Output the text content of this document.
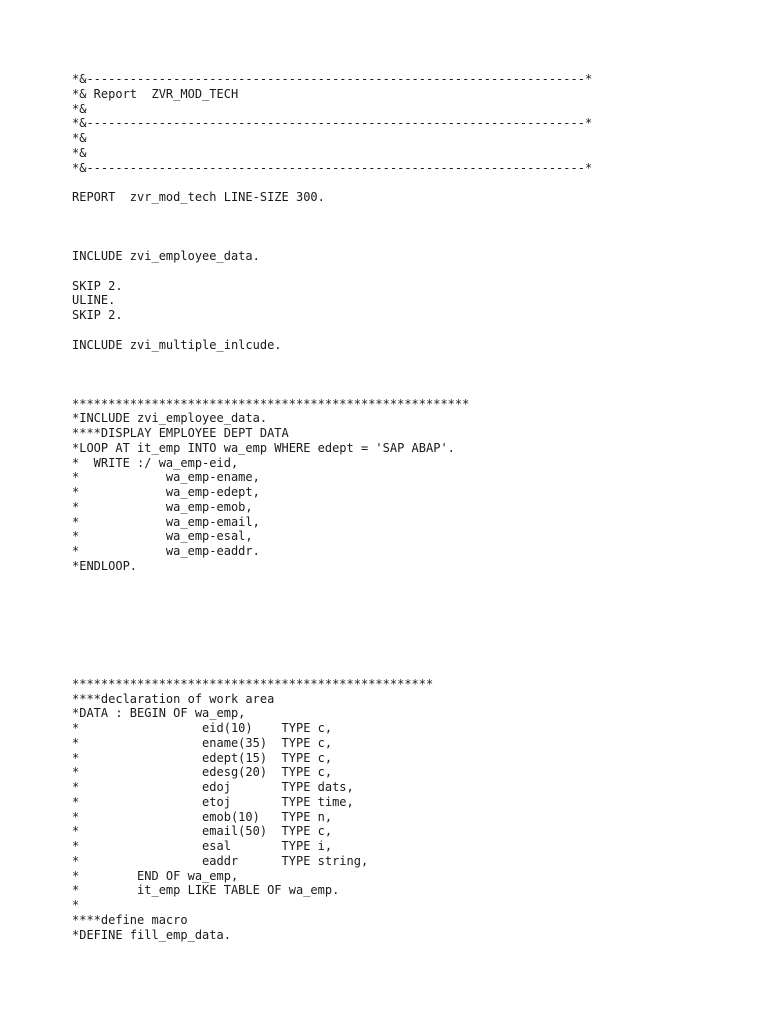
*&---------------------------------------------------------------------*
*& Report  ZVR_MOD_TECH
*&
*&---------------------------------------------------------------------*
*&
*&
*&---------------------------------------------------------------------*
REPORT  zvr_mod_tech LINE-SIZE 300.
INCLUDE zvi_employee_data.
SKIP 2.
ULINE.
SKIP 2.
INCLUDE zvi_multiple_inlcude.
*******************************************************
*INCLUDE zvi_employee_data.
****DISPLAY EMPLOYEE DEPT DATA
*LOOP AT it_emp INTO wa_emp WHERE edept = 'SAP ABAP'.
*  WRITE :/ wa_emp-eid,
*            wa_emp-ename,
*            wa_emp-edept,
*            wa_emp-emob,
*            wa_emp-email,
*            wa_emp-esal,
*            wa_emp-eaddr.
*ENDLOOP.
**************************************************
****declaration of work area
*DATA : BEGIN OF wa_emp,
*                 eid(10)    TYPE c,
*                 ename(35)  TYPE c,
*                 edept(15)  TYPE c,
*                 edesg(20)  TYPE c,
*                 edoj       TYPE dats,
*                 etoj       TYPE time,
*                 emob(10)   TYPE n,
*                 email(50)  TYPE c,
*                 esal       TYPE i,
*                 eaddr      TYPE string,
*        END OF wa_emp,
*        it_emp LIKE TABLE OF wa_emp.
*
****define macro
*DEFINE fill_emp_data.
